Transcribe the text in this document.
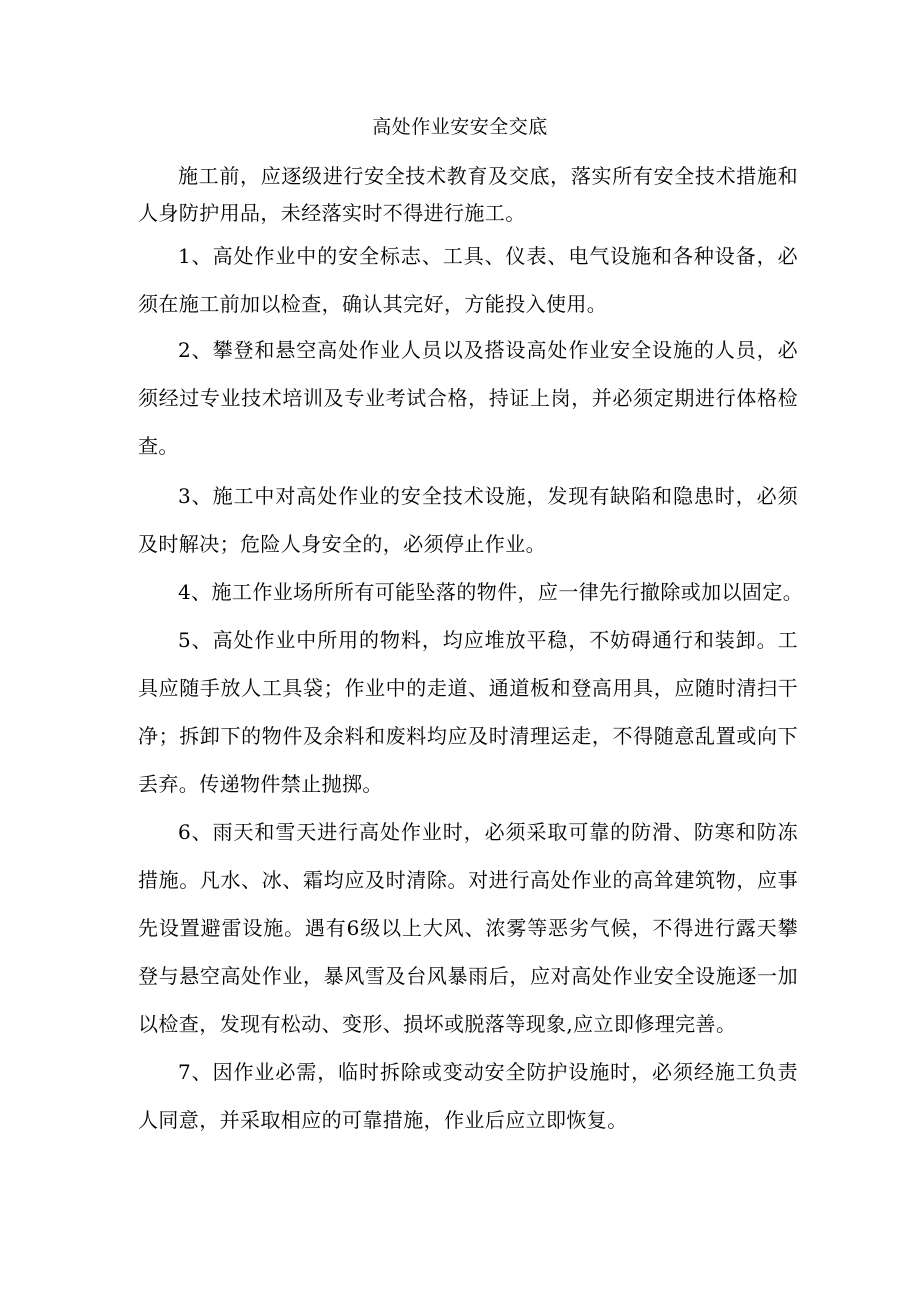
高处作业安安全交底

施工前，应逐级进行安全技术教育及交底，落实所有安全技术措施和人身防护用品，未经落实时不得进行施工。

1、高处作业中的安全标志、工具、仪表、电气设施和各种设备，必须在施工前加以检查，确认其完好，方能投入使用。

2、攀登和悬空高处作业人员以及搭设高处作业安全设施的人员，必须经过专业技术培训及专业考试合格，持证上岗，并必须定期进行体格检查。

3、施工中对高处作业的安全技术设施，发现有缺陷和隐患时，必须及时解决；危险人身安全的，必须停止作业。

4、施工作业场所所有可能坠落的物件，应一律先行撤除或加以固定。

5、高处作业中所用的物料，均应堆放平稳，不妨碍通行和装卸。工具应随手放人工具袋；作业中的走道、通道板和登高用具，应随时清扫干净；拆卸下的物件及余料和废料均应及时清理运走，不得随意乱置或向下丢弃。传递物件禁止抛掷。

6、雨天和雪天进行高处作业时，必须采取可靠的防滑、防寒和防冻措施。凡水、冰、霜均应及时清除。对进行高处作业的高耸建筑物，应事先设置避雷设施。遇有6级以上大风、浓雾等恶劣气候，不得进行露天攀登与悬空高处作业，暴风雪及台风暴雨后，应对高处作业安全设施逐一加以检查，发现有松动、变形、损坏或脱落等现象,应立即修理完善。

7、因作业必需，临时拆除或变动安全防护设施时，必须经施工负责人同意，并采取相应的可靠措施，作业后应立即恢复。
